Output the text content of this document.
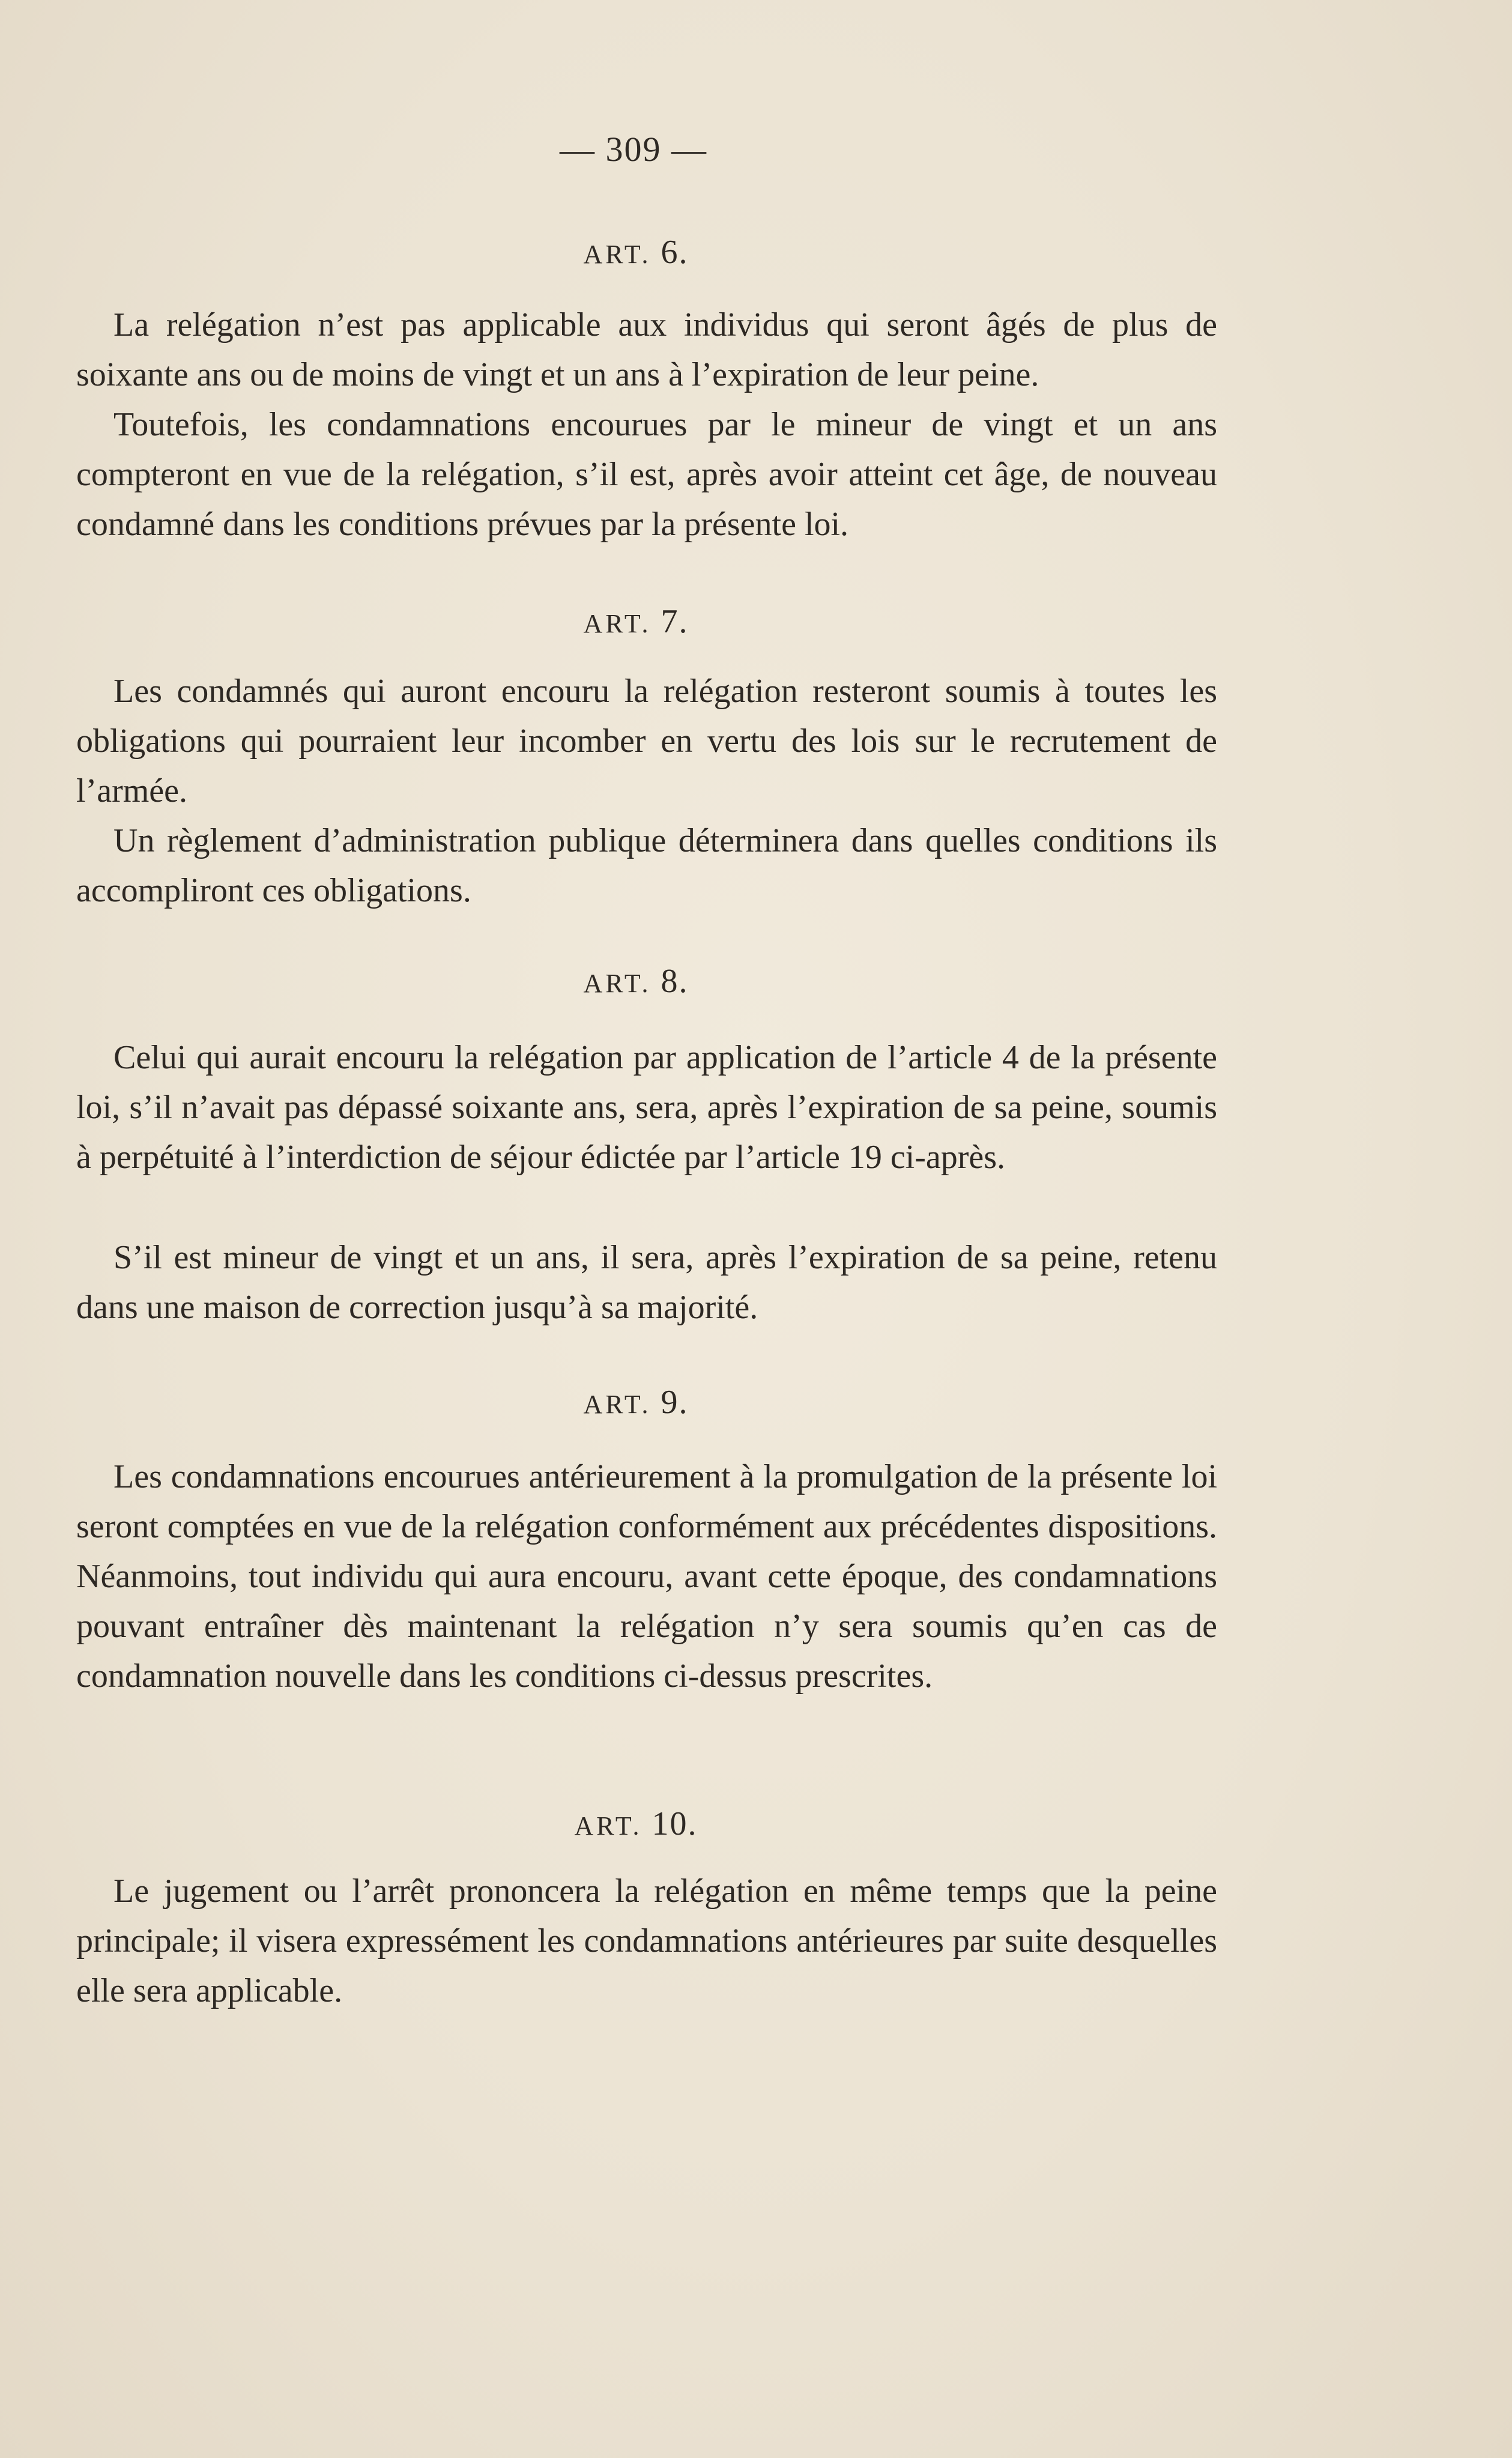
— 309 —
ART. 6.

La relégation n’est pas applicable aux individus qui seront âgés de plus de soixante ans ou de moins de vingt et un ans à l’expiration de leur peine.

Toutefois, les condamnations encourues par le mineur de vingt et un ans compteront en vue de la relégation, s’il est, après avoir atteint cet âge, de nouveau condamné dans les conditions prévues par la présente loi.

ART. 7.

Les condamnés qui auront encouru la relégation resteront soumis à toutes les obligations qui pourraient leur incomber en vertu des lois sur le recrutement de l’armée.

Un règlement d’administration publique déterminera dans quelles conditions ils accompliront ces obligations.

ART. 8.

Celui qui aurait encouru la relégation par application de l’article 4 de la présente loi, s’il n’avait pas dépassé soixante ans, sera, après l’expiration de sa peine, soumis à perpétuité à l’interdiction de séjour édictée par l’article 19 ci-après.

S’il est mineur de vingt et un ans, il sera, après l’expiration de sa peine, retenu dans une maison de correction jusqu’à sa majorité.

ART. 9.

Les condamnations encourues antérieurement à la promulgation de la présente loi seront comptées en vue de la relégation conformément aux précédentes dispositions. Néanmoins, tout individu qui aura encouru, avant cette époque, des condamnations pouvant entraîner dès maintenant la relégation n’y sera soumis qu’en cas de condamnation nouvelle dans les conditions ci-dessus prescrites.

ART. 10.

Le jugement ou l’arrêt prononcera la relégation en même temps que la peine principale; il visera expressément les condamnations antérieures par suite desquelles elle sera applicable.
